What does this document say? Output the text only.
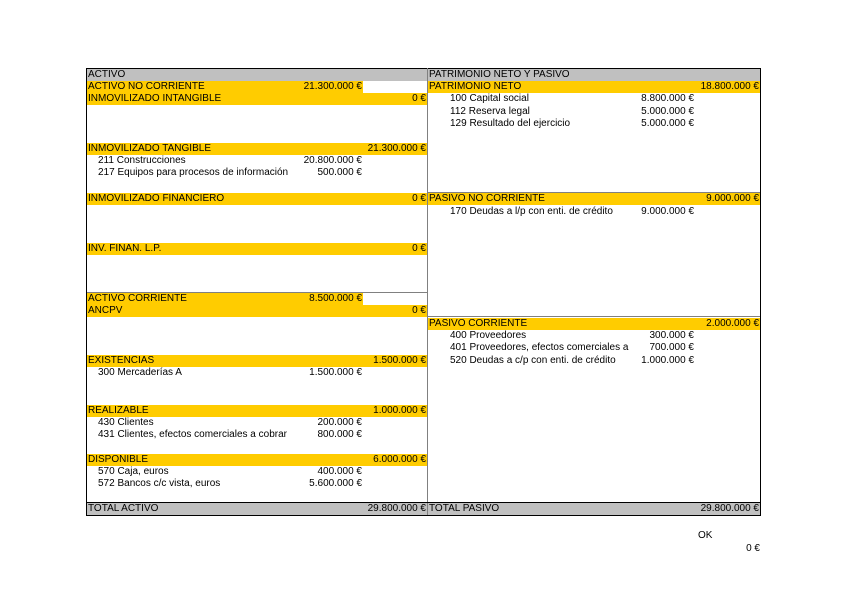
ACTIVO	PATRIMONIO NETO Y PASIVO
ACTIVO NO CORRIENTE	21.300.000 €
INMOVILIZADO INTANGIBLE	0 €
INMOVILIZADO TANGIBLE	21.300.000 €
211 Construcciones	20.800.000 €
217 Equipos para procesos de información	500.000 €
INMOVILIZADO FINANCIERO	0 €
INV. FINAN. L.P.	0 €
ACTIVO CORRIENTE	8.500.000 €
ANCPV	0 €
EXISTENCIAS	1.500.000 €
300 Mercaderías A	1.500.000 €
REALIZABLE	1.000.000 €
430 Clientes	200.000 €
431 Clientes, efectos comerciales a cobrar	800.000 €
DISPONIBLE	6.000.000 €
570 Caja, euros	400.000 €
572 Bancos c/c vista, euros	5.600.000 €
TOTAL ACTIVO	29.800.000 €
PATRIMONIO NETO	18.800.000 €
100 Capital social	8.800.000 €
112 Reserva legal	5.000.000 €
129 Resultado del ejercicio	5.000.000 €
PASIVO NO CORRIENTE	9.000.000 €
170 Deudas a l/p con enti. de crédito	9.000.000 €
PASIVO CORRIENTE	2.000.000 €
400 Proveedores	300.000 €
401 Proveedores, efectos comerciales a	700.000 €
520 Deudas a c/p con enti. de crédito	1.000.000 €
TOTAL PASIVO	29.800.000 €
OK
0 €
